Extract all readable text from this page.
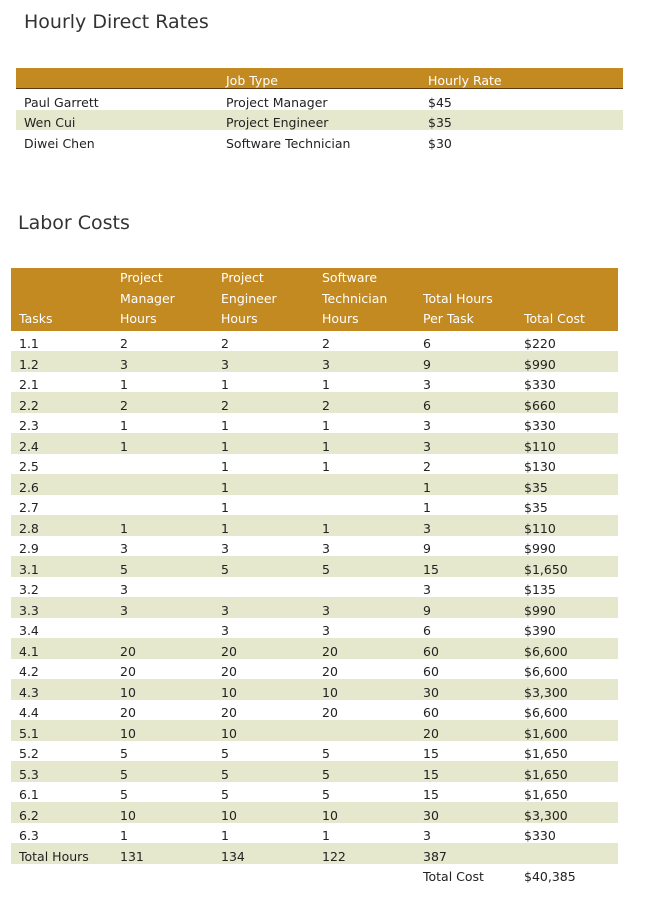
Hourly Direct Rates
	Job Type	Hourly Rate
Paul Garrett	Project Manager	$45
Wen Cui	Project Engineer	$35
Diwei Chen	Software Technician	$30
Labor Costs
Tasks	Project Manager Hours	Project Engineer Hours	Software Technician Hours	Total Hours Per Task	Total Cost
1.1	2	2	2	6	$220
1.2	3	3	3	9	$990
2.1	1	1	1	3	$330
2.2	2	2	2	6	$660
2.3	1	1	1	3	$330
2.4	1	1	1	3	$110
2.5		1	1	2	$130
2.6		1		1	$35
2.7		1		1	$35
2.8	1	1	1	3	$110
2.9	3	3	3	9	$990
3.1	5	5	5	15	$1,650
3.2	3			3	$135
3.3	3	3	3	9	$990
3.4		3	3	6	$390
4.1	20	20	20	60	$6,600
4.2	20	20	20	60	$6,600
4.3	10	10	10	30	$3,300
4.4	20	20	20	60	$6,600
5.1	10	10		20	$1,600
5.2	5	5	5	15	$1,650
5.3	5	5	5	15	$1,650
6.1	5	5	5	15	$1,650
6.2	10	10	10	30	$3,300
6.3	1	1	1	3	$330
Total Hours	131	134	122	387	
				Total Cost	$40,385
